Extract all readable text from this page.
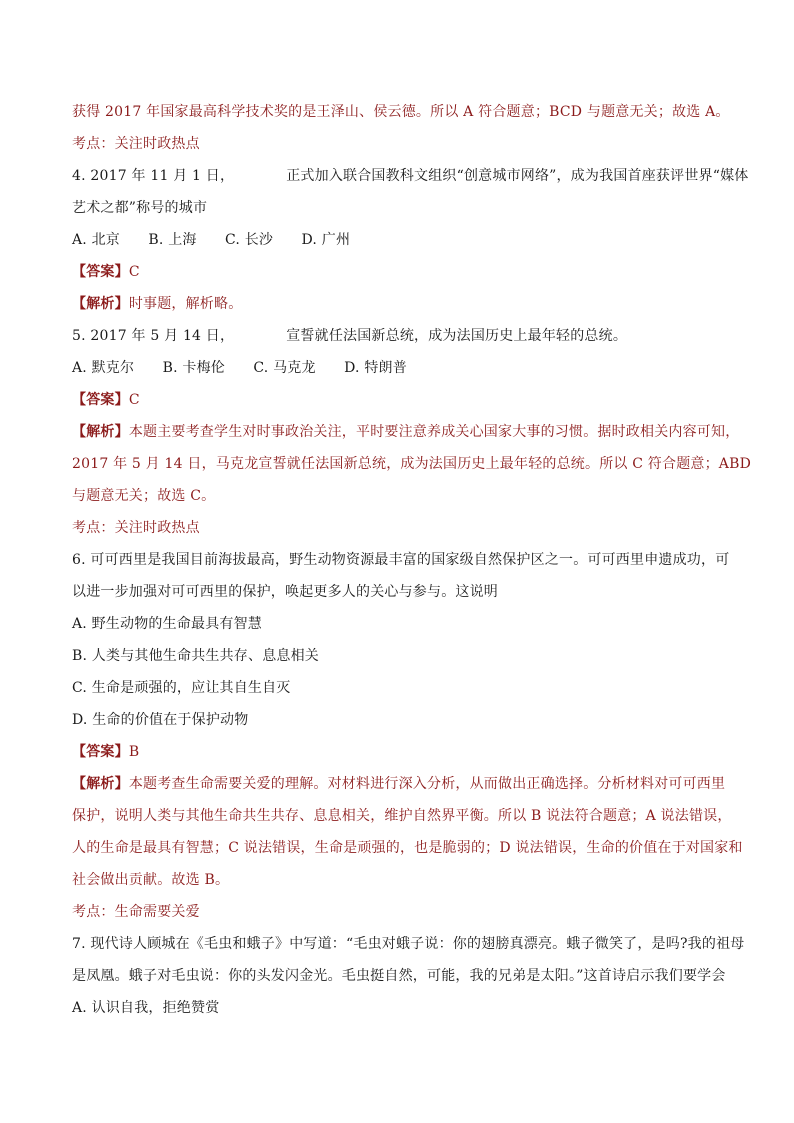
获得 2017 年国家最高科学技术奖的是王泽山、侯云德。所以 A 符合题意；BCD 与题意无关；故选 A。
考点：关注时政热点
4. 2017 年 11 月 1 日，	正式加入联合国教科文组织“创意城市网络”，成为我国首座获评世界“媒体
艺术之都”称号的城市
A. 北京　　B. 上海　　C. 长沙　　D. 广州
【答案】C
【解析】时事题，解析略。
5. 2017 年 5 月 14 日，	宣誓就任法国新总统，成为法国历史上最年轻的总统。
A. 默克尔　　B. 卡梅伦　　C. 马克龙　　D. 特朗普
【答案】C
【解析】本题主要考查学生对时事政治关注，平时要注意养成关心国家大事的习惯。据时政相关内容可知，
2017 年 5 月 14 日，马克龙宣誓就任法国新总统，成为法国历史上最年轻的总统。所以 C 符合题意；ABD
与题意无关；故选 C。
考点：关注时政热点
6. 可可西里是我国目前海拔最高，野生动物资源最丰富的国家级自然保护区之一。可可西里申遗成功，可
以进一步加强对可可西里的保护，唤起更多人的关心与参与。这说明
A. 野生动物的生命最具有智慧
B. 人类与其他生命共生共存、息息相关
C. 生命是顽强的，应让其自生自灭
D. 生命的价值在于保护动物
【答案】B
【解析】本题考查生命需要关爱的理解。对材料进行深入分析，从而做出正确选择。分析材料对可可西里
保护，说明人类与其他生命共生共存、息息相关，维护自然界平衡。所以 B 说法符合题意；A 说法错误，
人的生命是最具有智慧；C 说法错误，生命是顽强的，也是脆弱的；D 说法错误，生命的价值在于对国家和
社会做出贡献。故选 B。
考点：生命需要关爱
7. 现代诗人顾城在《毛虫和蛾子》中写道：“毛虫对蛾子说：你的翅膀真漂亮。蛾子微笑了，是吗?我的祖母
是凤凰。蛾子对毛虫说：你的头发闪金光。毛虫挺自然，可能，我的兄弟是太阳。”这首诗启示我们要学会
A. 认识自我，拒绝赞赏
